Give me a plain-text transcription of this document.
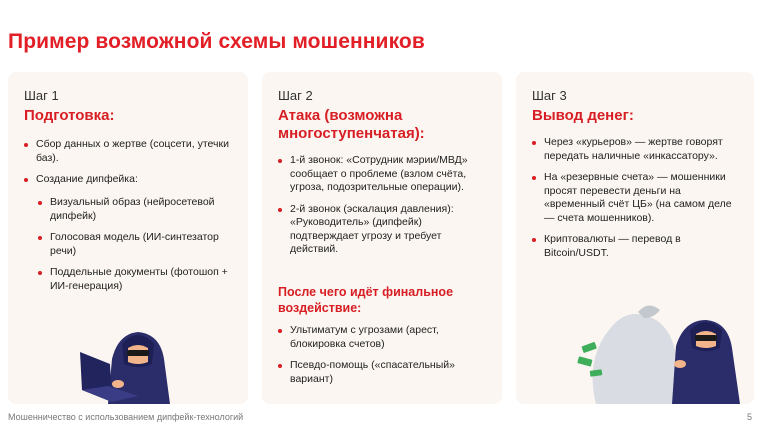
Пример возможной схемы мошенников
Шаг 1
Подготовка:
Сбор данных о жертве (соцсети, утечки баз).
Создание дипфейка:
Визуальный образ (нейросетевой дипфейк)
Голосовая модель (ИИ-синтезатор речи)
Поддельные документы (фотошоп + ИИ-генерация)
Шаг 2
Атака (возможна многоступенчатая):
1-й звонок: «Сотрудник мэрии/МВД» сообщает о проблеме (взлом счёта, угроза, подозрительные операции).
2-й звонок (эскалация давления): «Руководитель» (дипфейк) подтверждает угрозу и требует действий.
После чего идёт финальное воздействие:
Ультиматум с угрозами (арест, блокировка счетов)
Псевдо-помощь («спасательный» вариант)
Шаг 3
Вывод денег:
Через «курьеров» — жертве говорят передать наличные «инкассатору».
На «резервные счета» — мошенники просят перевести деньги на «временный счёт ЦБ» (на самом деле — счета мошенников).
Криптовалюты — перевод в Bitcoin/USDT.
Мошенничество с использованием дипфейк-технологий	5
